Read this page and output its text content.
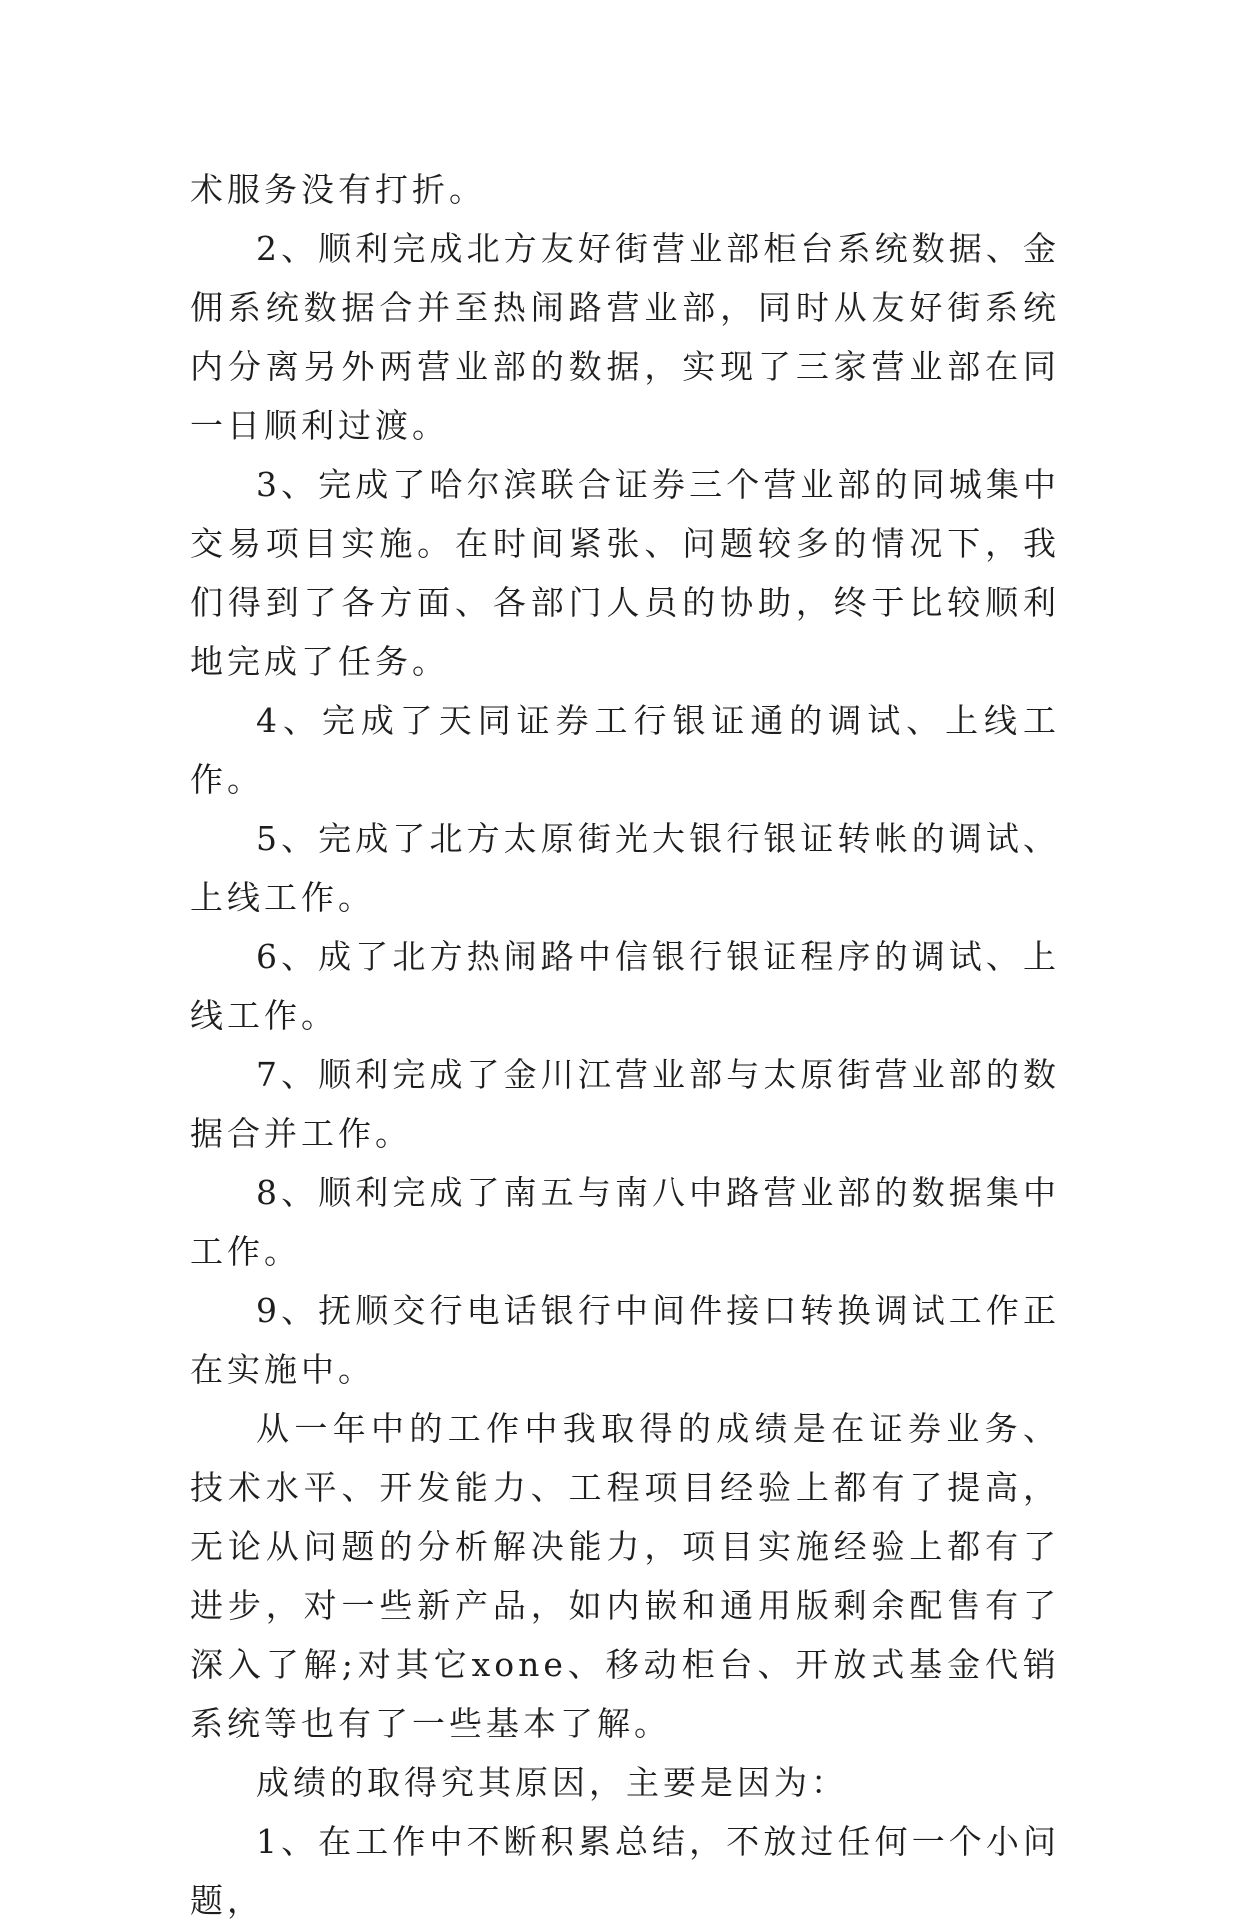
术服务没有打折。

2、顺利完成北方友好街营业部柜台系统数据、金佣系统数据合并至热闹路营业部，同时从友好街系统内分离另外两营业部的数据，实现了三家营业部在同一日顺利过渡。

3、完成了哈尔滨联合证券三个营业部的同城集中交易项目实施。在时间紧张、问题较多的情况下，我们得到了各方面、各部门人员的协助，终于比较顺利地完成了任务。

4、完成了天同证券工行银证通的调试、上线工作。

5、完成了北方太原街光大银行银证转帐的调试、上线工作。

6、成了北方热闹路中信银行银证程序的调试、上线工作。

7、顺利完成了金川江营业部与太原街营业部的数据合并工作。

8、顺利完成了南五与南八中路营业部的数据集中工作。

9、抚顺交行电话银行中间件接口转换调试工作正在实施中。

从一年中的工作中我取得的成绩是在证券业务、技术水平、开发能力、工程项目经验上都有了提高，无论从问题的分析解决能力，项目实施经验上都有了进步，对一些新产品，如内嵌和通用版剩余配售有了深入了解;对其它xone、移动柜台、开放式基金代销系统等也有了一些基本了解。

成绩的取得究其原因，主要是因为：

1、在工作中不断积累总结，不放过任何一个小问题，
